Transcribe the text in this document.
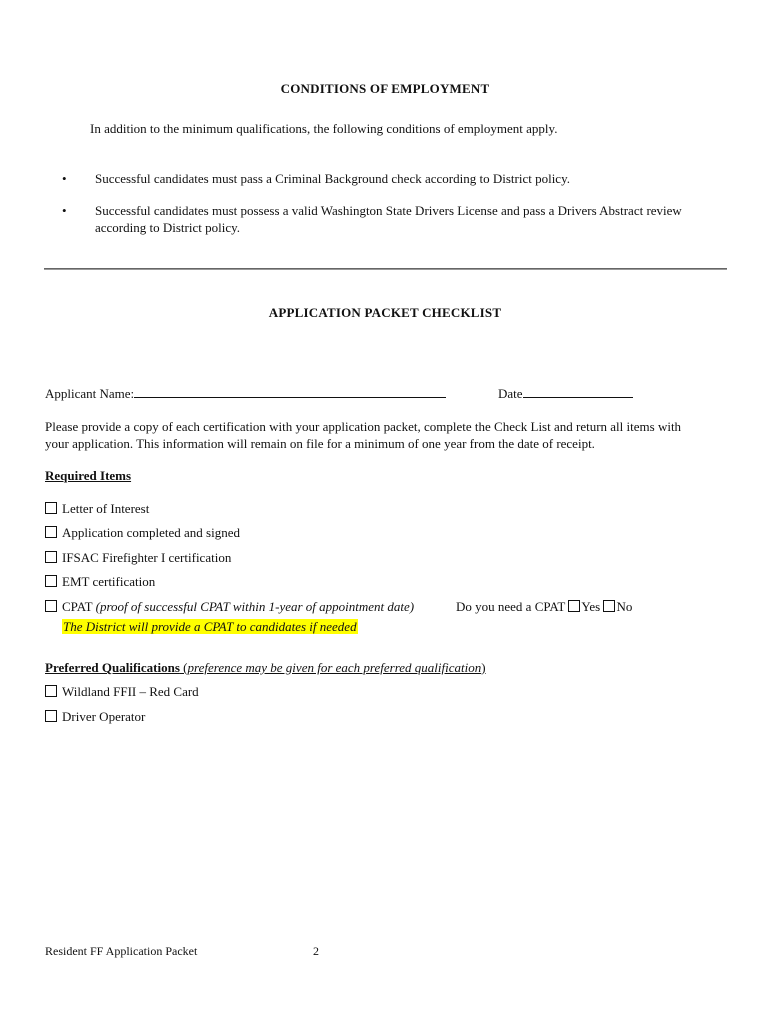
CONDITIONS OF EMPLOYMENT
In addition to the minimum qualifications, the following conditions of employment apply.
• Successful candidates must pass a Criminal Background check according to District policy.
• Successful candidates must possess a valid Washington State Drivers License and pass a Drivers Abstract review
according to District policy.
APPLICATION PACKET CHECKLIST
Applicant Name:	Date
Please provide a copy of each certification with your application packet, complete the Check List and return all items with
your application. This information will remain on file for a minimum of one year from the date of receipt.
Required Items
Letter of Interest
Application completed and signed
IFSAC Firefighter I certification
EMT certification
CPAT (proof of successful CPAT within 1-year of appointment date)	Do you need a CPAT Yes No
The District will provide a CPAT to candidates if needed
Preferred Qualifications (preference may be given for each preferred qualification)
Wildland FFII – Red Card
Driver Operator
Resident FF Application Packet	2
